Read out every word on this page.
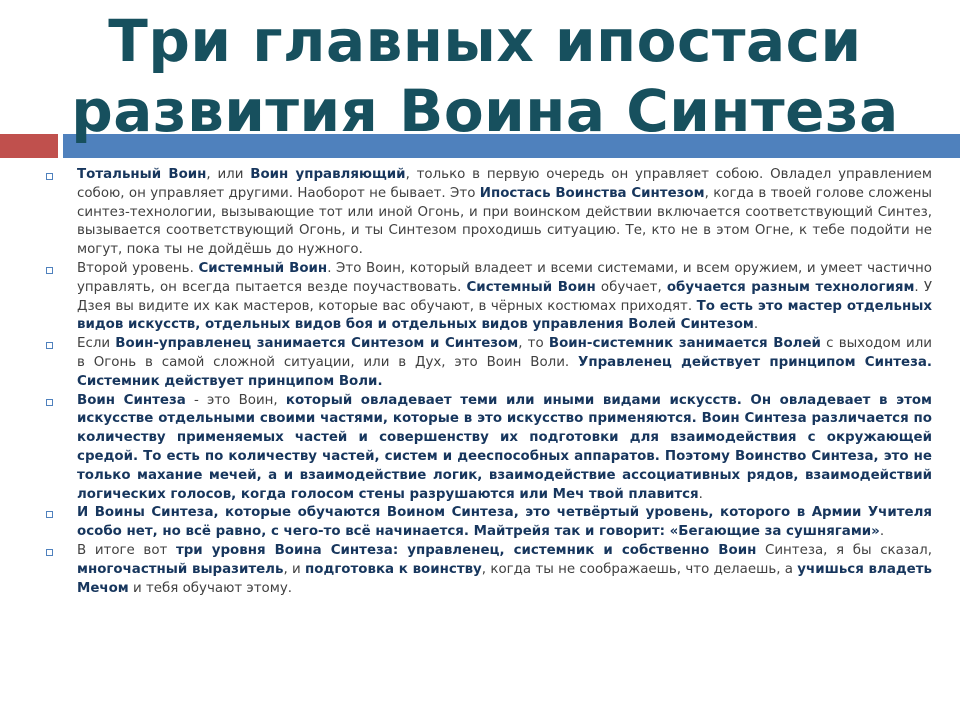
Три главных ипостаси
развития Воина Синтеза
Тотальный Воин, или Воин управляющий, только в первую очередь он управляет собою. Овладел управлением собою, он управляет другими. Наоборот не бывает. Это Ипостась Воинства Синтезом, когда в твоей голове сложены синтез-технологии, вызывающие тот или иной Огонь, и при воинском действии включается соответствующий Синтез, вызывается соответствующий Огонь, и ты Синтезом проходишь ситуацию. Те, кто не в этом Огне, к тебе подойти не могут, пока ты не дойдёшь до нужного.
Второй уровень. Системный Воин. Это Воин, который владеет и всеми системами, и всем оружием, и умеет частично управлять, он всегда пытается везде поучаствовать. Системный Воин обучает, обучается разным технологиям. У Дзея вы видите их как мастеров, которые вас обучают, в чёрных костюмах приходят. То есть это мастер отдельных видов искусств, отдельных видов боя и отдельных видов управления Волей Синтезом.
Если Воин-управленец занимается Синтезом и Синтезом, то Воин-системник занимается Волей с выходом или в Огонь в самой сложной ситуации, или в Дух, это Воин Воли. Управленец действует принципом Синтеза. Системник действует принципом Воли.
Воин Синтеза - это Воин, который овладевает теми или иными видами искусств. Он овладевает в этом искусстве отдельными своими частями, которые в это искусство применяются. Воин Синтеза различается по количеству применяемых частей и совершенству их подготовки для взаимодействия с окружающей средой. То есть по количеству частей, систем и дееспособных аппаратов. Поэтому Воинство Синтеза, это не только махание мечей, а и взаимодействие логик, взаимодействие ассоциативных рядов, взаимодействий логических голосов, когда голосом стены разрушаются или Меч твой плавится.
И Воины Синтеза, которые обучаются Воином Синтеза, это четвёртый уровень, которого в Армии Учителя особо нет, но всё равно, с чего-то всё начинается. Майтрейя так и говорит: «Бегающие за сушнягами».
В итоге вот три уровня Воина Синтеза: управленец, системник и собственно Воин Синтеза, я бы сказал, многочастный выразитель, и подготовка к воинству, когда ты не соображаешь, что делаешь, а учишься владеть Мечом и тебя обучают этому.
